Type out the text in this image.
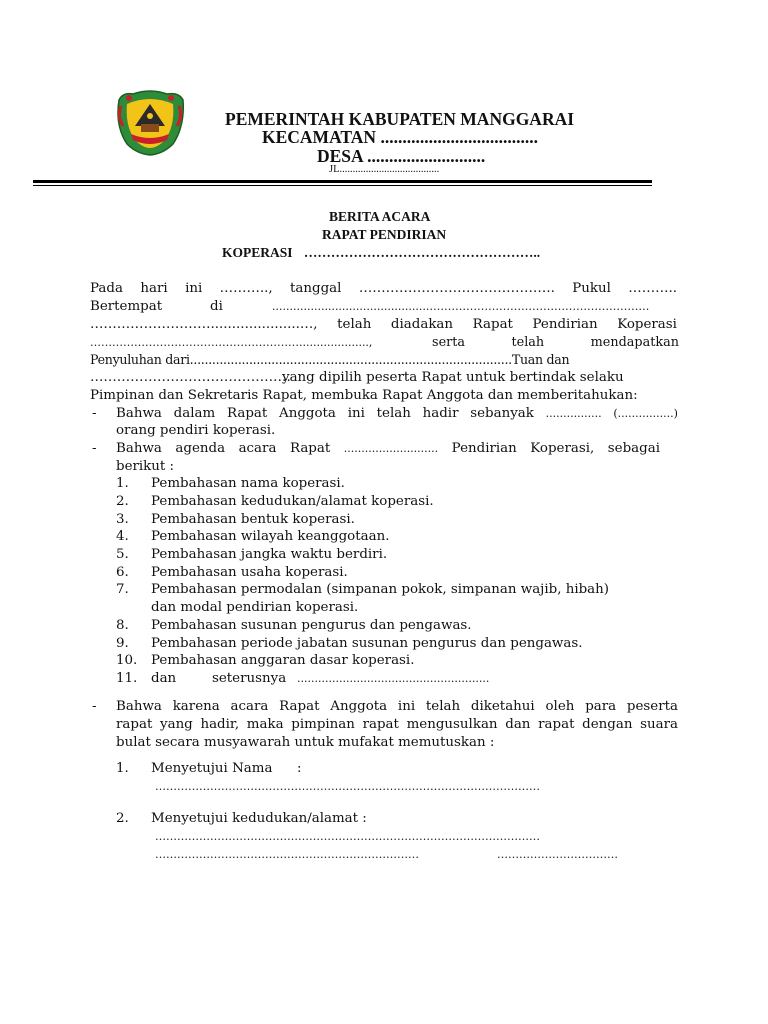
PEMERINTAH KABUPATEN MANGGARAI
KECAMATAN ....................................
DESA ...........................
JL......................................
BERITA ACARA
RAPAT PENDIRIAN
KOPERASI ……………………………………………..
Pada hari ini ……….., tanggal …………………………………….. Pukul ………..
Bertempat	di	.............................................……………………………………………………
……………………….....................…, telah diadakan Rapat Pendirian Koperasi
…………………………………………………....................,	serta	telah	mendapatkan
Penyuluhan dari.......................................................................................Tuan dan
………………………………………
yang dipilih peserta Rapat untuk bertindak selaku
Pimpinan dan Sekretaris Rapat, membuka Rapat Anggota dan memberitahukan:
-	Bahwa dalam Rapat Anggota ini telah hadir sebanyak ................ (................)
orang pendiri koperasi.
-	Bahwa agenda acara Rapat ........................... Pendirian Koperasi, sebagai
berikut :
1.	Pembahasan nama koperasi.
2.	Pembahasan kedudukan/alamat koperasi.
3.	Pembahasan bentuk koperasi.
4.	Pembahasan wilayah keanggotaan.
5.	Pembahasan jangka waktu berdiri.
6.	Pembahasan usaha koperasi.
7.	Pembahasan permodalan (simpanan pokok, simpanan wajib, hibah)
dan modal pendirian koperasi.
8.	Pembahasan susunan pengurus dan pengawas.
9.	Pembahasan periode jabatan susunan pengurus dan pengawas.
10.	Pembahasan anggaran dasar koperasi.
11.	dan	seterusnya .......................................................
-	Bahwa karena acara Rapat Anggota ini telah diketahui oleh para peserta
rapat yang hadir, maka pimpinan rapat mengusulkan dan rapat dengan suara
bulat secara musyawarah untuk mufakat memutuskan :
1.	Menyetujui Nama :
……………………………………………………………………………………………
2.	Menyetujui kedudukan/alamat :
……………………………………………………………………………………………
………………………………………………………………	……………………………
